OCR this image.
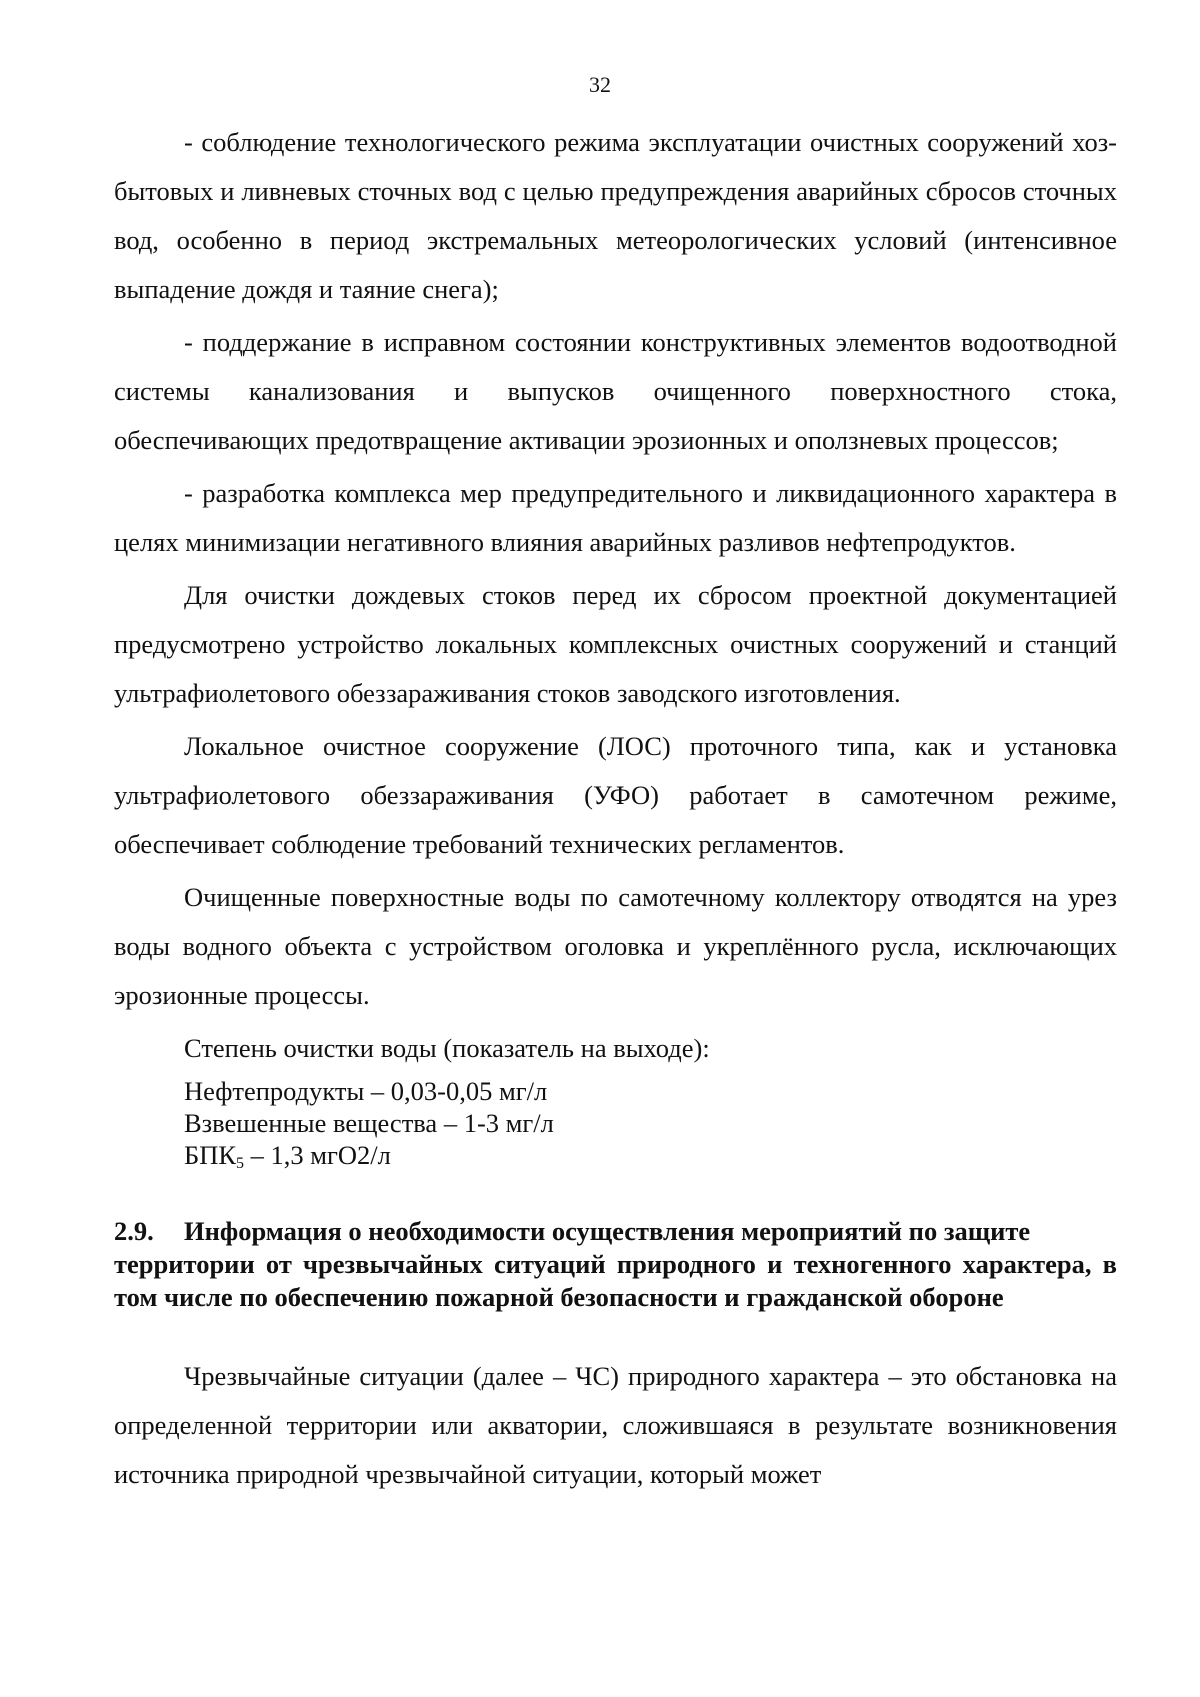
32

- соблюдение технологического режима эксплуатации очистных сооружений хоз-бытовых и ливневых сточных вод с целью предупреждения аварийных сбросов сточных вод, особенно в период экстремальных метеорологических условий (интенсивное выпадение дождя и таяние снега);

- поддержание в исправном состоянии конструктивных элементов водоотводной системы канализования и выпусков очищенного поверхностного стока, обеспечивающих предотвращение активации эрозионных и оползневых процессов;

- разработка комплекса мер предупредительного и ликвидационного характера в целях минимизации негативного влияния аварийных разливов нефтепродуктов.

Для очистки дождевых стоков перед их сбросом проектной документацией предусмотрено устройство локальных комплексных очистных сооружений и станций ультрафиолетового обеззараживания стоков заводского изготовления.

Локальное очистное сооружение (ЛОС) проточного типа, как и установка ультрафиолетового обеззараживания (УФО) работает в самотечном режиме, обеспечивает соблюдение требований технических регламентов.

Очищенные поверхностные воды по самотечному коллектору отводятся на урез воды водного объекта с устройством оголовка и укреплённого русла, исключающих эрозионные процессы.

Степень очистки воды (показатель на выходе):

Нефтепродукты – 0,03-0,05 мг/л
Взвешенные вещества – 1-3 мг/л
$БПК_5 - 1,3$ мгО2/л
2.9.	Информация о необходимости осуществления мероприятий по защите
территории от чрезвычайных ситуаций природного и техногенного характера, в том числе по обеспечению пожарной безопасности и гражданской обороне

Чрезвычайные ситуации (далее – ЧС) природного характера – это обстановка на определенной территории или акватории, сложившаяся в результате возникновения источника природной чрезвычайной ситуации, который может
